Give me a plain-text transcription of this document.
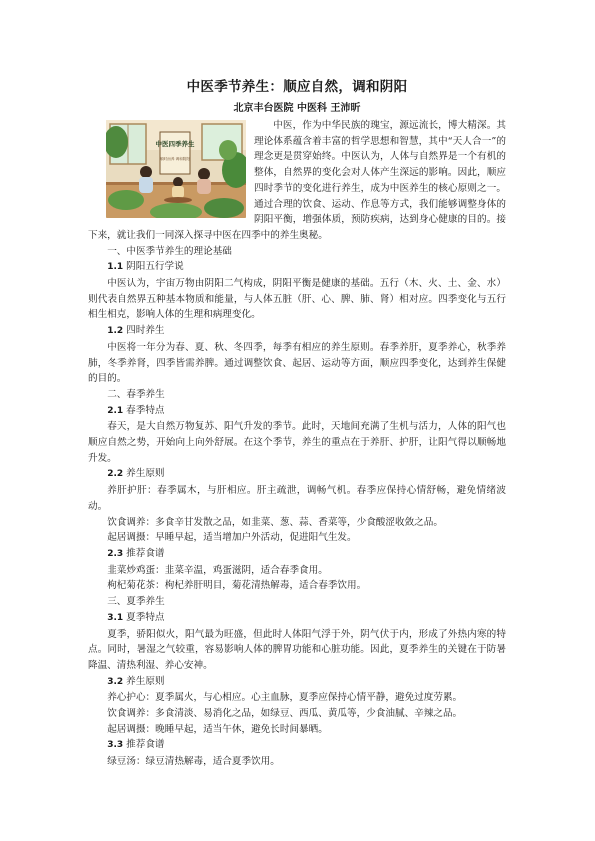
中医季节养生：顺应自然，调和阴阳
北京丰台医院 中医科 王沛昕
中医四季养生
顺时而养 调和阴阳

中医，作为中华民族的瑰宝，源远流长，博大精深。其理论体系蕴含着丰富的哲学思想和智慧，其中“天人合一”的理念更是贯穿始终。中医认为，人体与自然界是一个有机的整体，自然界的变化会对人体产生深远的影响。因此，顺应四时季节的变化进行养生，成为中医养生的核心原则之一。通过合理的饮食、运动、作息等方式，我们能够调整身体的阴阳平衡，增强体质，预防疾病，达到身心健康的目的。接下来，就让我们一同深入探寻中医在四季中的养生奥秘。

一、中医季节养生的理论基础
1.1 阴阳五行学说

中医认为，宇宙万物由阴阳二气构成，阴阳平衡是健康的基础。五行（木、火、土、金、水）则代表自然界五种基本物质和能量，与人体五脏（肝、心、脾、肺、肾）相对应。四季变化与五行相生相克，影响人体的生理和病理变化。

1.2 四时养生

中医将一年分为春、夏、秋、冬四季，每季有相应的养生原则。春季养肝，夏季养心，秋季养肺，冬季养肾，四季皆需养脾。通过调整饮食、起居、运动等方面，顺应四季变化，达到养生保健的目的。

二、春季养生
2.1 春季特点

春天，是大自然万物复苏、阳气升发的季节。此时，天地间充满了生机与活力，人体的阳气也顺应自然之势，开始向上向外舒展。在这个季节，养生的重点在于养肝、护肝，让阳气得以顺畅地升发。

2.2 养生原则

养肝护肝：春季属木，与肝相应。肝主疏泄，调畅气机。春季应保持心情舒畅，避免情绪波动。

饮食调养：多食辛甘发散之品，如韭菜、葱、蒜、香菜等，少食酸涩收敛之品。

起居调摄：早睡早起，适当增加户外活动，促进阳气生发。

2.3 推荐食谱

韭菜炒鸡蛋：韭菜辛温，鸡蛋滋阴，适合春季食用。

枸杞菊花茶：枸杞养肝明目，菊花清热解毒，适合春季饮用。

三、夏季养生
3.1 夏季特点

夏季，骄阳似火，阳气最为旺盛，但此时人体阳气浮于外，阴气伏于内，形成了外热内寒的特点。同时，暑湿之气较重，容易影响人体的脾胃功能和心脏功能。因此，夏季养生的关键在于防暑降温、清热利湿、养心安神。

3.2 养生原则

养心护心：夏季属火，与心相应。心主血脉，夏季应保持心情平静，避免过度劳累。

饮食调养：多食清淡、易消化之品，如绿豆、西瓜、黄瓜等，少食油腻、辛辣之品。

起居调摄：晚睡早起，适当午休，避免长时间暴晒。

3.3 推荐食谱

绿豆汤：绿豆清热解毒，适合夏季饮用。
